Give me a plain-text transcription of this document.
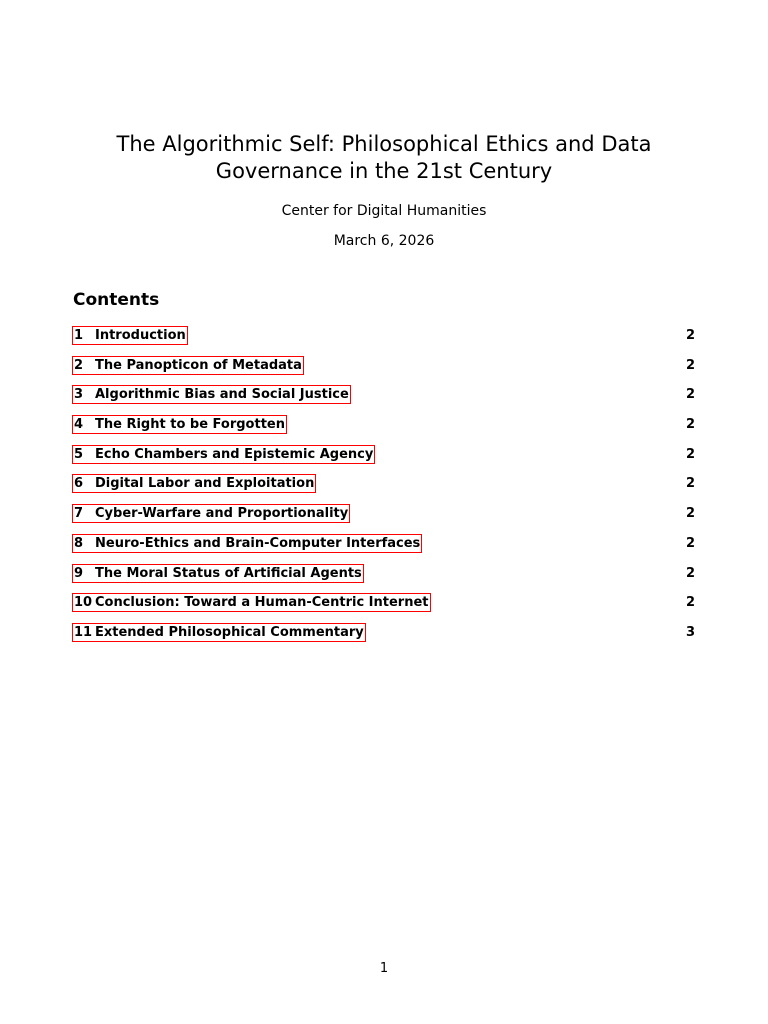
The Algorithmic Self: Philosophical Ethics and Data Governance in the 21st Century
Center for Digital Humanities
March 6, 2026
Contents
1 Introduction	2
2 The Panopticon of Metadata	2
3 Algorithmic Bias and Social Justice	2
4 The Right to be Forgotten	2
5 Echo Chambers and Epistemic Agency	2
6 Digital Labor and Exploitation	2
7 Cyber-Warfare and Proportionality	2
8 Neuro-Ethics and Brain-Computer Interfaces	2
9 The Moral Status of Artificial Agents	2
10 Conclusion: Toward a Human-Centric Internet	2
11 Extended Philosophical Commentary	3
1
